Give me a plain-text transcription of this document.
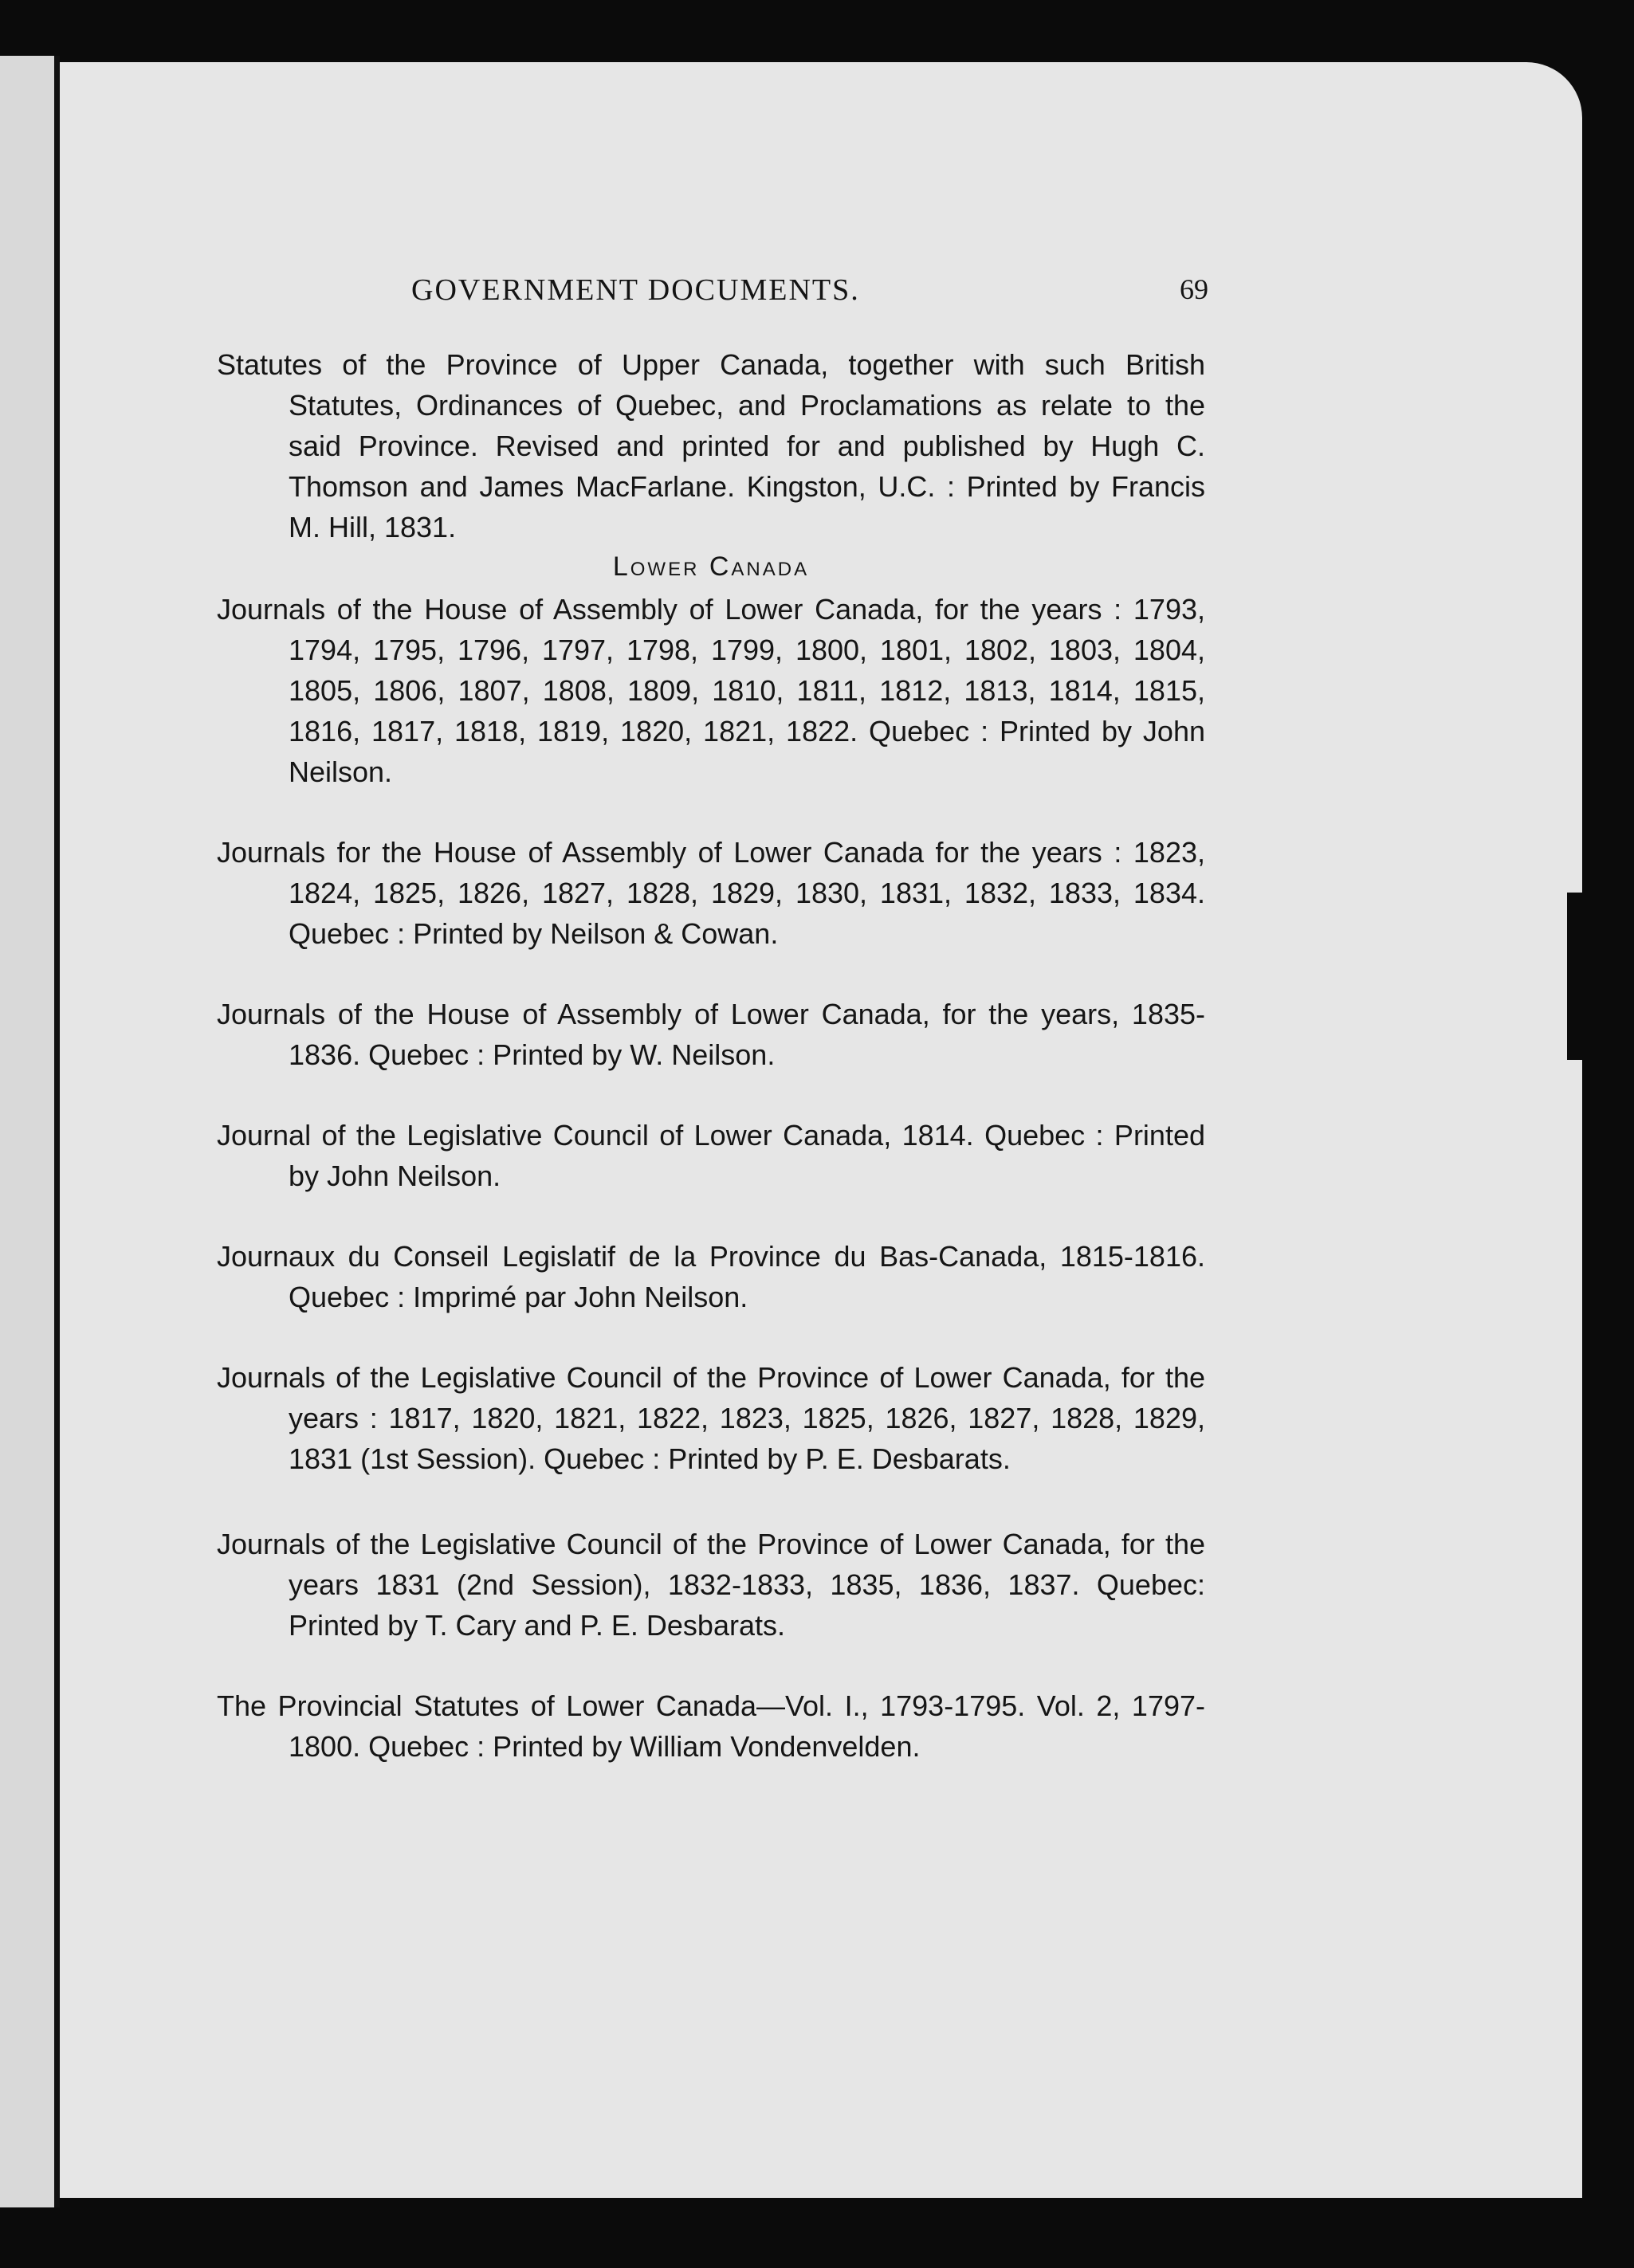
GOVERNMENT DOCUMENTS.	69

Statutes of the Province of Upper Canada, together with such British Statutes, Ordinances of Quebec, and Proclamations as relate to the said Province. Revised and printed for and published by Hugh C. Thomson and James MacFarlane. Kingston, U.C. : Printed by Francis M. Hill, 1831.

Lower Canada

Journals of the House of Assembly of Lower Canada, for the years : 1793, 1794, 1795, 1796, 1797, 1798, 1799, 1800, 1801, 1802, 1803, 1804, 1805, 1806, 1807, 1808, 1809, 1810, 1811, 1812, 1813, 1814, 1815, 1816, 1817, 1818, 1819, 1820, 1821, 1822. Quebec : Printed by John Neilson.

Journals for the House of Assembly of Lower Canada for the years : 1823, 1824, 1825, 1826, 1827, 1828, 1829, 1830, 1831, 1832, 1833, 1834. Quebec : Printed by Neilson & Cowan.

Journals of the House of Assembly of Lower Canada, for the years, 1835-1836. Quebec : Printed by W. Neilson.

Journal of the Legislative Council of Lower Canada, 1814. Quebec : Printed by John Neilson.

Journaux du Conseil Legislatif de la Province du Bas-Canada, 1815-1816. Quebec : Imprimé par John Neilson.

Journals of the Legislative Council of the Province of Lower Canada, for the years : 1817, 1820, 1821, 1822, 1823, 1825, 1826, 1827, 1828, 1829, 1831 (1st Session). Quebec : Printed by P. E. Desbarats.

Journals of the Legislative Council of the Province of Lower Canada, for the years 1831 (2nd Session), 1832-1833, 1835, 1836, 1837. Quebec: Printed by T. Cary and P. E. Desbarats.

The Provincial Statutes of Lower Canada—Vol. I., 1793-1795. Vol. 2, 1797-1800. Quebec : Printed by William Vondenvelden.
